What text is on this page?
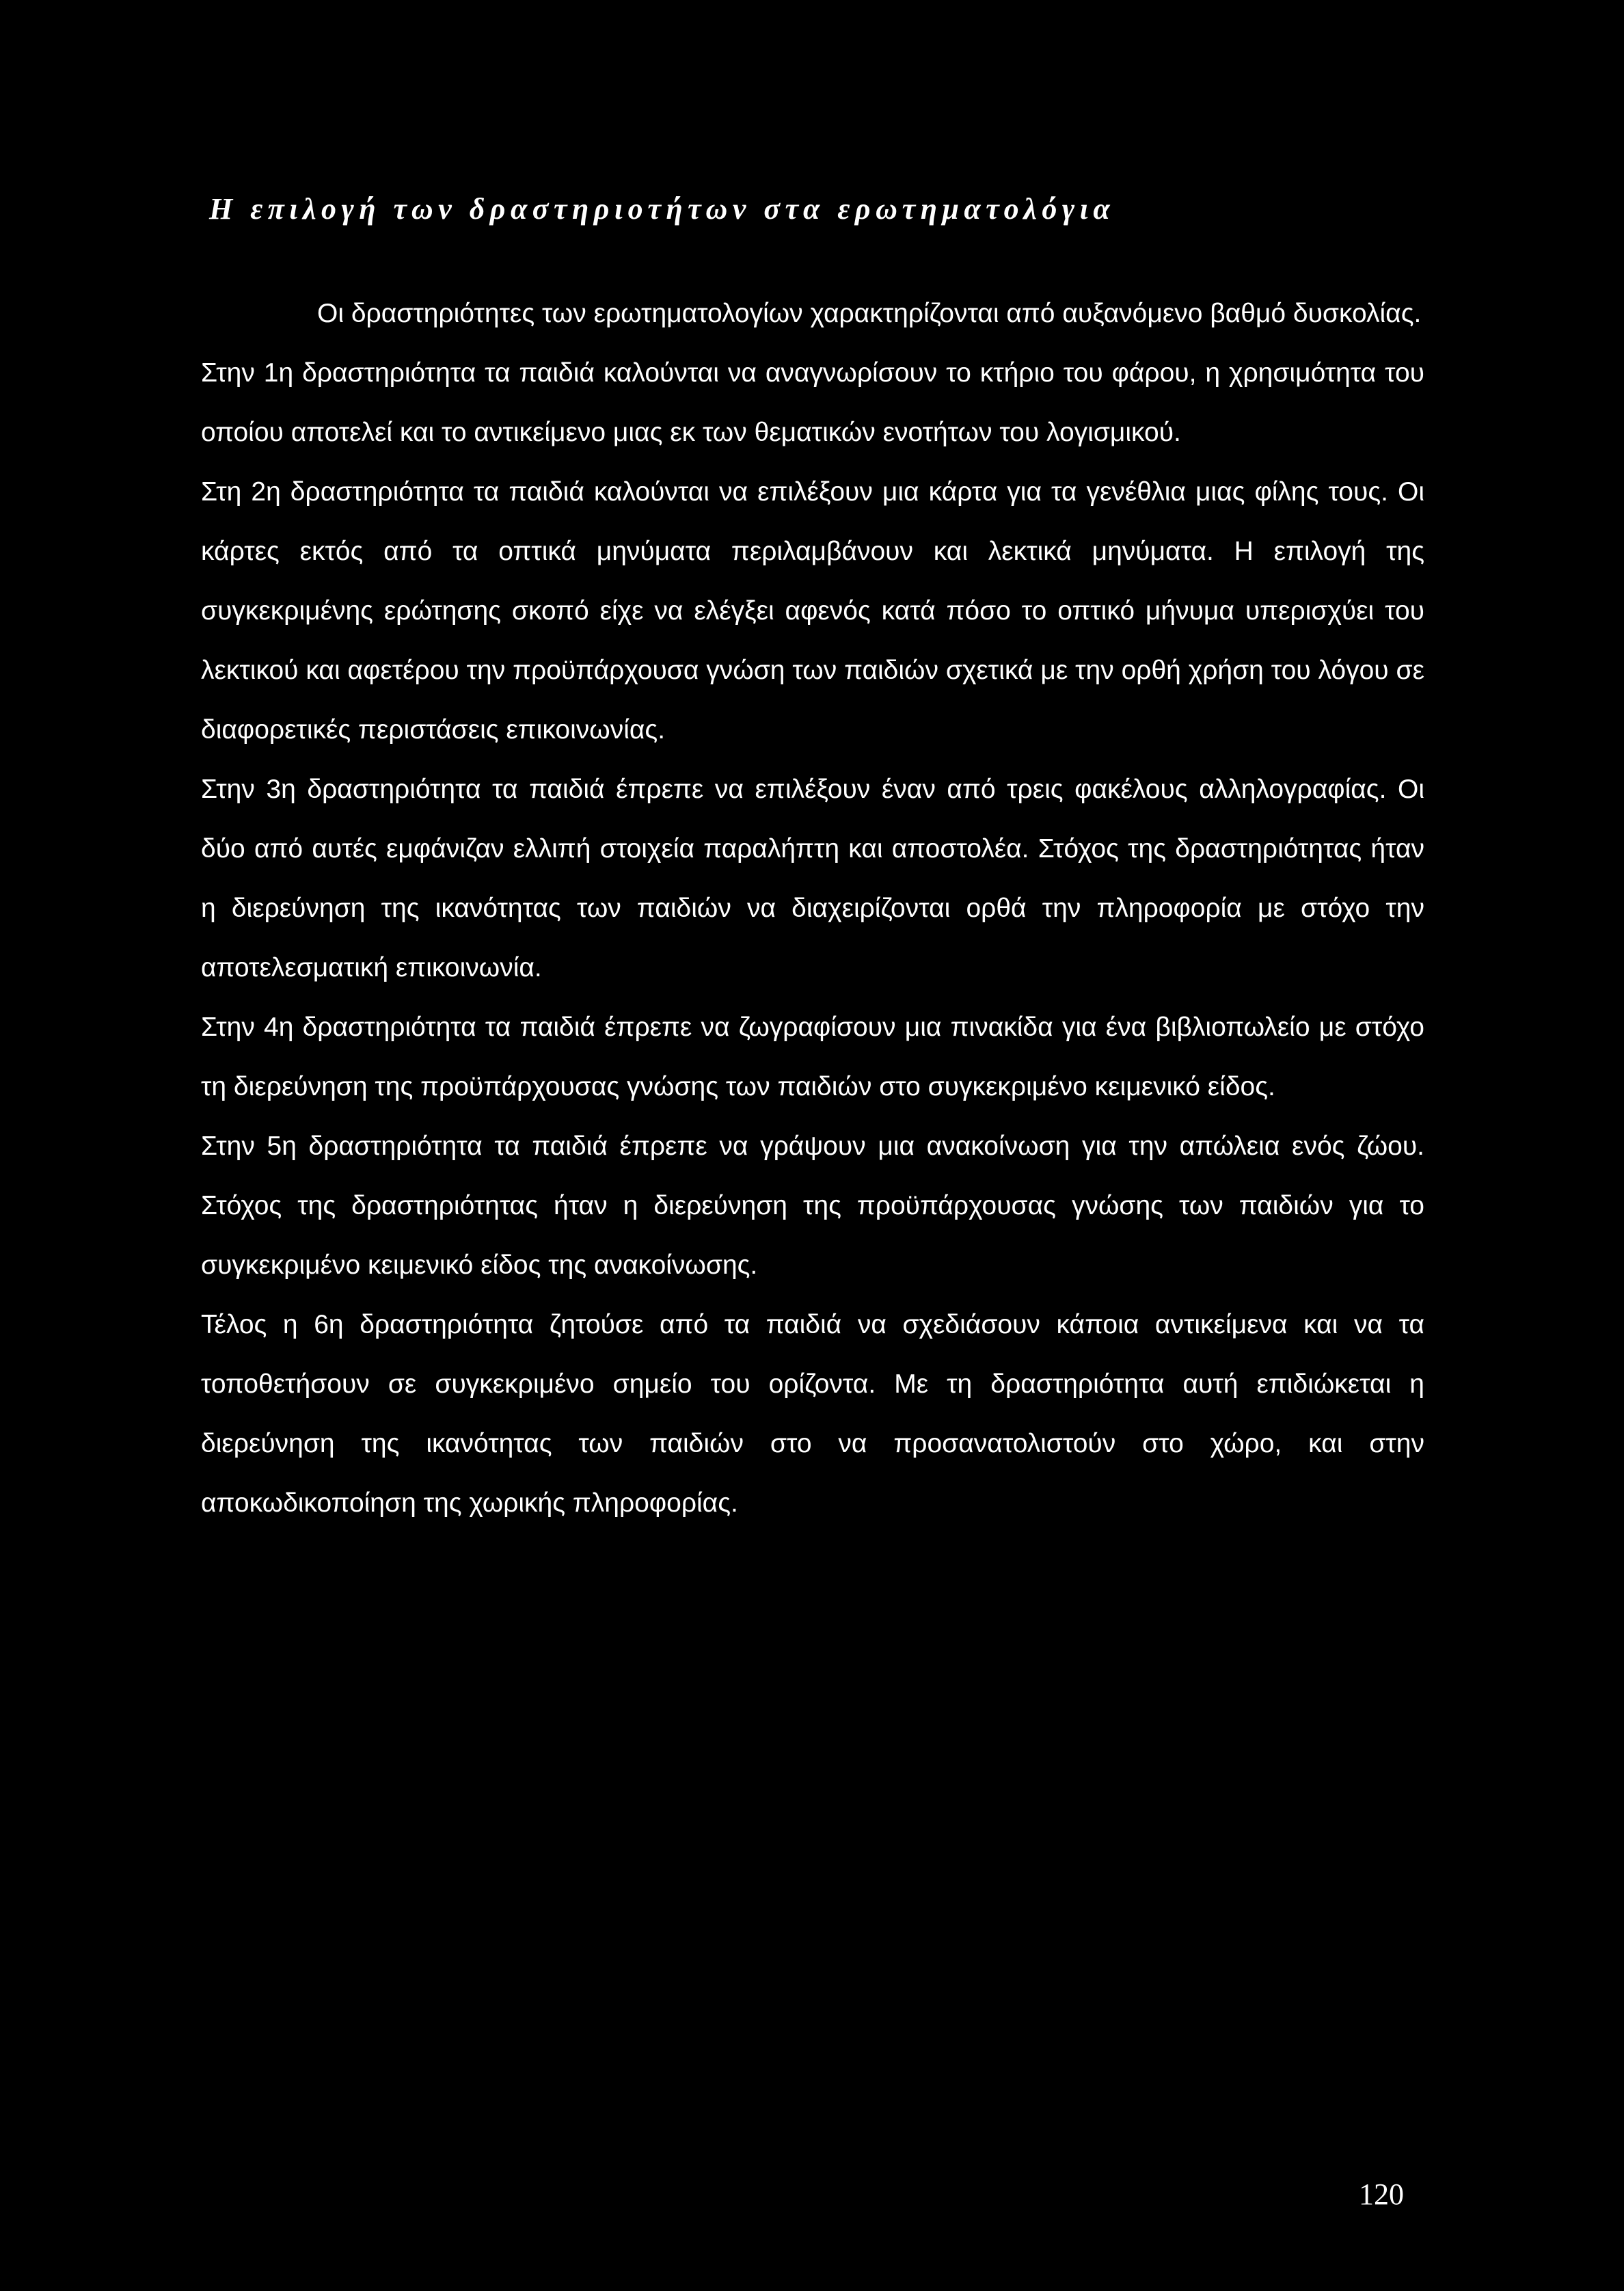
Η επιλογή των δραστηριοτήτων στα ερωτηματολόγια

Οι δραστηριότητες των ερωτηματολογίων χαρακτηρίζονται από αυξανόμενο βαθμό δυσκολίας.

Στην 1η δραστηριότητα τα παιδιά καλούνται να αναγνωρίσουν το κτήριο του φάρου, η χρησιμότητα του οποίου αποτελεί και το αντικείμενο μιας εκ των θεματικών ενοτήτων του λογισμικού.

Στη 2η δραστηριότητα τα παιδιά καλούνται να επιλέξουν μια κάρτα για τα γενέθλια μιας φίλης τους. Οι κάρτες εκτός από τα οπτικά μηνύματα περιλαμβάνουν και λεκτικά μηνύματα. Η επιλογή της συγκεκριμένης ερώτησης σκοπό είχε να ελέγξει αφενός κατά πόσο το οπτικό μήνυμα υπερισχύει του λεκτικού και αφετέρου την προϋπάρχουσα γνώση των παιδιών σχετικά με την ορθή χρήση του λόγου σε διαφορετικές περιστάσεις επικοινωνίας.

Στην 3η δραστηριότητα τα παιδιά έπρεπε να επιλέξουν έναν από τρεις φακέλους αλληλογραφίας. Οι δύο από αυτές εμφάνιζαν ελλιπή στοιχεία παραλήπτη και αποστολέα. Στόχος της δραστηριότητας ήταν η διερεύνηση της ικανότητας των παιδιών να διαχειρίζονται ορθά την πληροφορία με στόχο την αποτελεσματική επικοινωνία.

Στην 4η δραστηριότητα τα παιδιά έπρεπε να ζωγραφίσουν μια πινακίδα για ένα βιβλιοπωλείο με στόχο τη διερεύνηση της προϋπάρχουσας γνώσης των παιδιών στο συγκεκριμένο κειμενικό είδος.

Στην 5η δραστηριότητα τα παιδιά έπρεπε να γράψουν μια ανακοίνωση για την απώλεια ενός ζώου. Στόχος της δραστηριότητας ήταν η διερεύνηση της προϋπάρχουσας γνώσης των παιδιών για το συγκεκριμένο κειμενικό είδος της ανακοίνωσης.

Τέλος η 6η δραστηριότητα ζητούσε από τα παιδιά να σχεδιάσουν κάποια αντικείμενα και να τα τοποθετήσουν σε συγκεκριμένο σημείο του ορίζοντα. Με τη δραστηριότητα αυτή επιδιώκεται η διερεύνηση της ικανότητας των παιδιών στο να προσανατολιστούν στο χώρο, και στην αποκωδικοποίηση της χωρικής πληροφορίας.

120
